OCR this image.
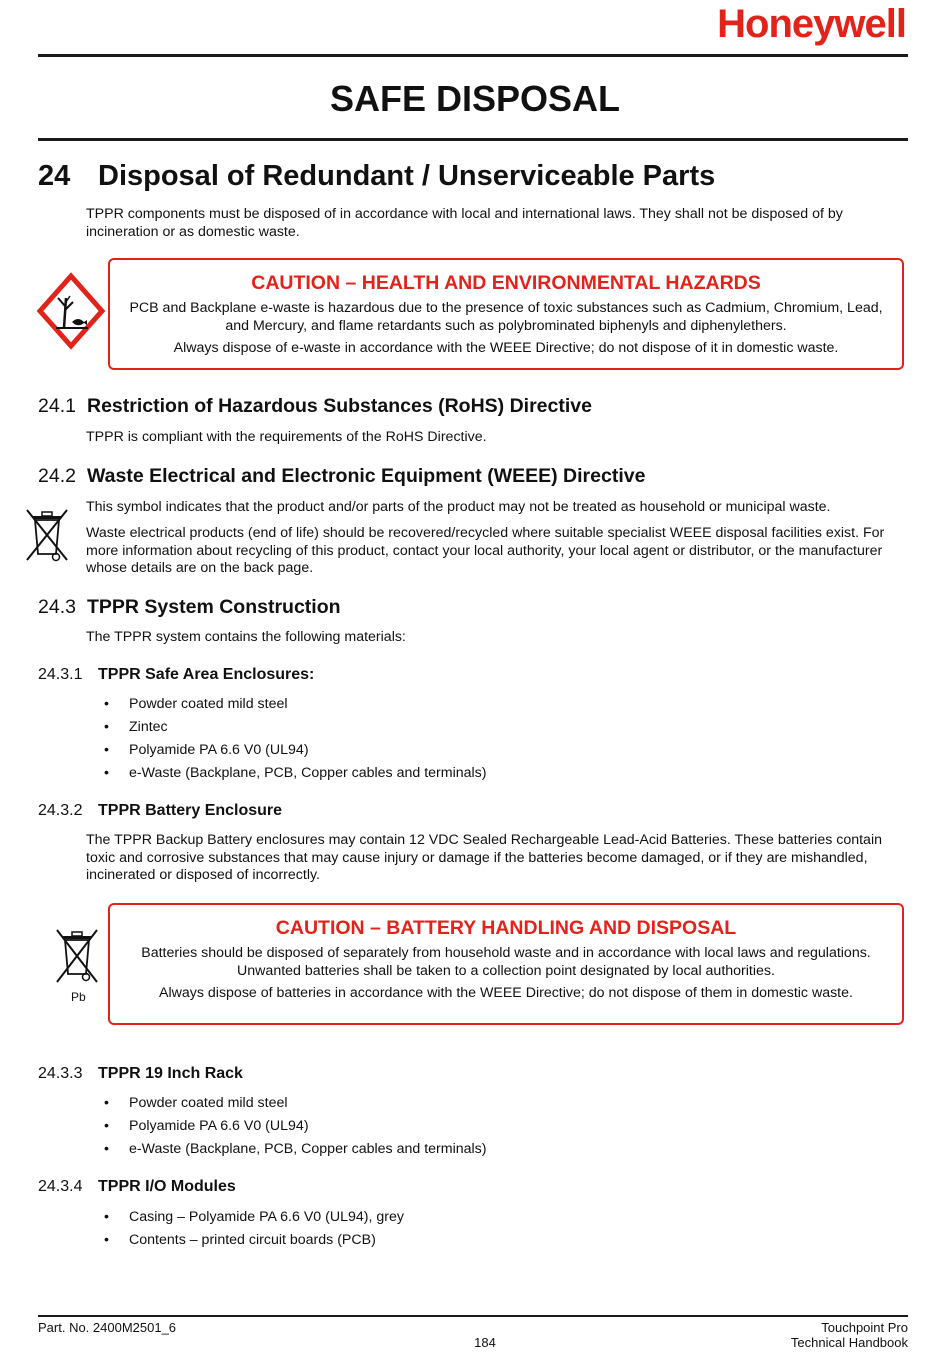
Honeywell
SAFE DISPOSAL
24 Disposal of Redundant / Unserviceable Parts
TPPR components must be disposed of in accordance with local and international laws. They shall not be disposed of by incineration or as domestic waste.
CAUTION – HEALTH AND ENVIRONMENTAL HAZARDS
PCB and Backplane e-waste is hazardous due to the presence of toxic substances such as Cadmium, Chromium, Lead, and Mercury, and flame retardants such as polybrominated biphenyls and diphenylethers.
Always dispose of e-waste in accordance with the WEEE Directive; do not dispose of it in domestic waste.
24.1 Restriction of Hazardous Substances (RoHS) Directive
TPPR is compliant with the requirements of the RoHS Directive.
24.2 Waste Electrical and Electronic Equipment (WEEE) Directive
This symbol indicates that the product and/or parts of the product may not be treated as household or municipal waste.
Waste electrical products (end of life) should be recovered/recycled where suitable specialist WEEE disposal facilities exist. For more information about recycling of this product, contact your local authority, your local agent or distributor, or the manufacturer whose details are on the back page.
24.3 TPPR System Construction
The TPPR system contains the following materials:
24.3.1 TPPR Safe Area Enclosures:
• Powder coated mild steel
• Zintec
• Polyamide PA 6.6 V0 (UL94)
• e-Waste (Backplane, PCB, Copper cables and terminals)
24.3.2 TPPR Battery Enclosure
The TPPR Backup Battery enclosures may contain 12 VDC Sealed Rechargeable Lead-Acid Batteries. These batteries contain toxic and corrosive substances that may cause injury or damage if the batteries become damaged, or if they are mishandled, incinerated or disposed of incorrectly.
Pb
CAUTION – BATTERY HANDLING AND DISPOSAL
Batteries should be disposed of separately from household waste and in accordance with local laws and regulations. Unwanted batteries shall be taken to a collection point designated by local authorities.
Always dispose of batteries in accordance with the WEEE Directive; do not dispose of them in domestic waste.
24.3.3 TPPR 19 Inch Rack
• Powder coated mild steel
• Polyamide PA 6.6 V0 (UL94)
• e-Waste (Backplane, PCB, Copper cables and terminals)
24.3.4 TPPR I/O Modules
• Casing – Polyamide PA 6.6 V0 (UL94), grey
• Contents – printed circuit boards (PCB)
Part. No. 2400M2501_6
184
Touchpoint Pro
Technical Handbook
